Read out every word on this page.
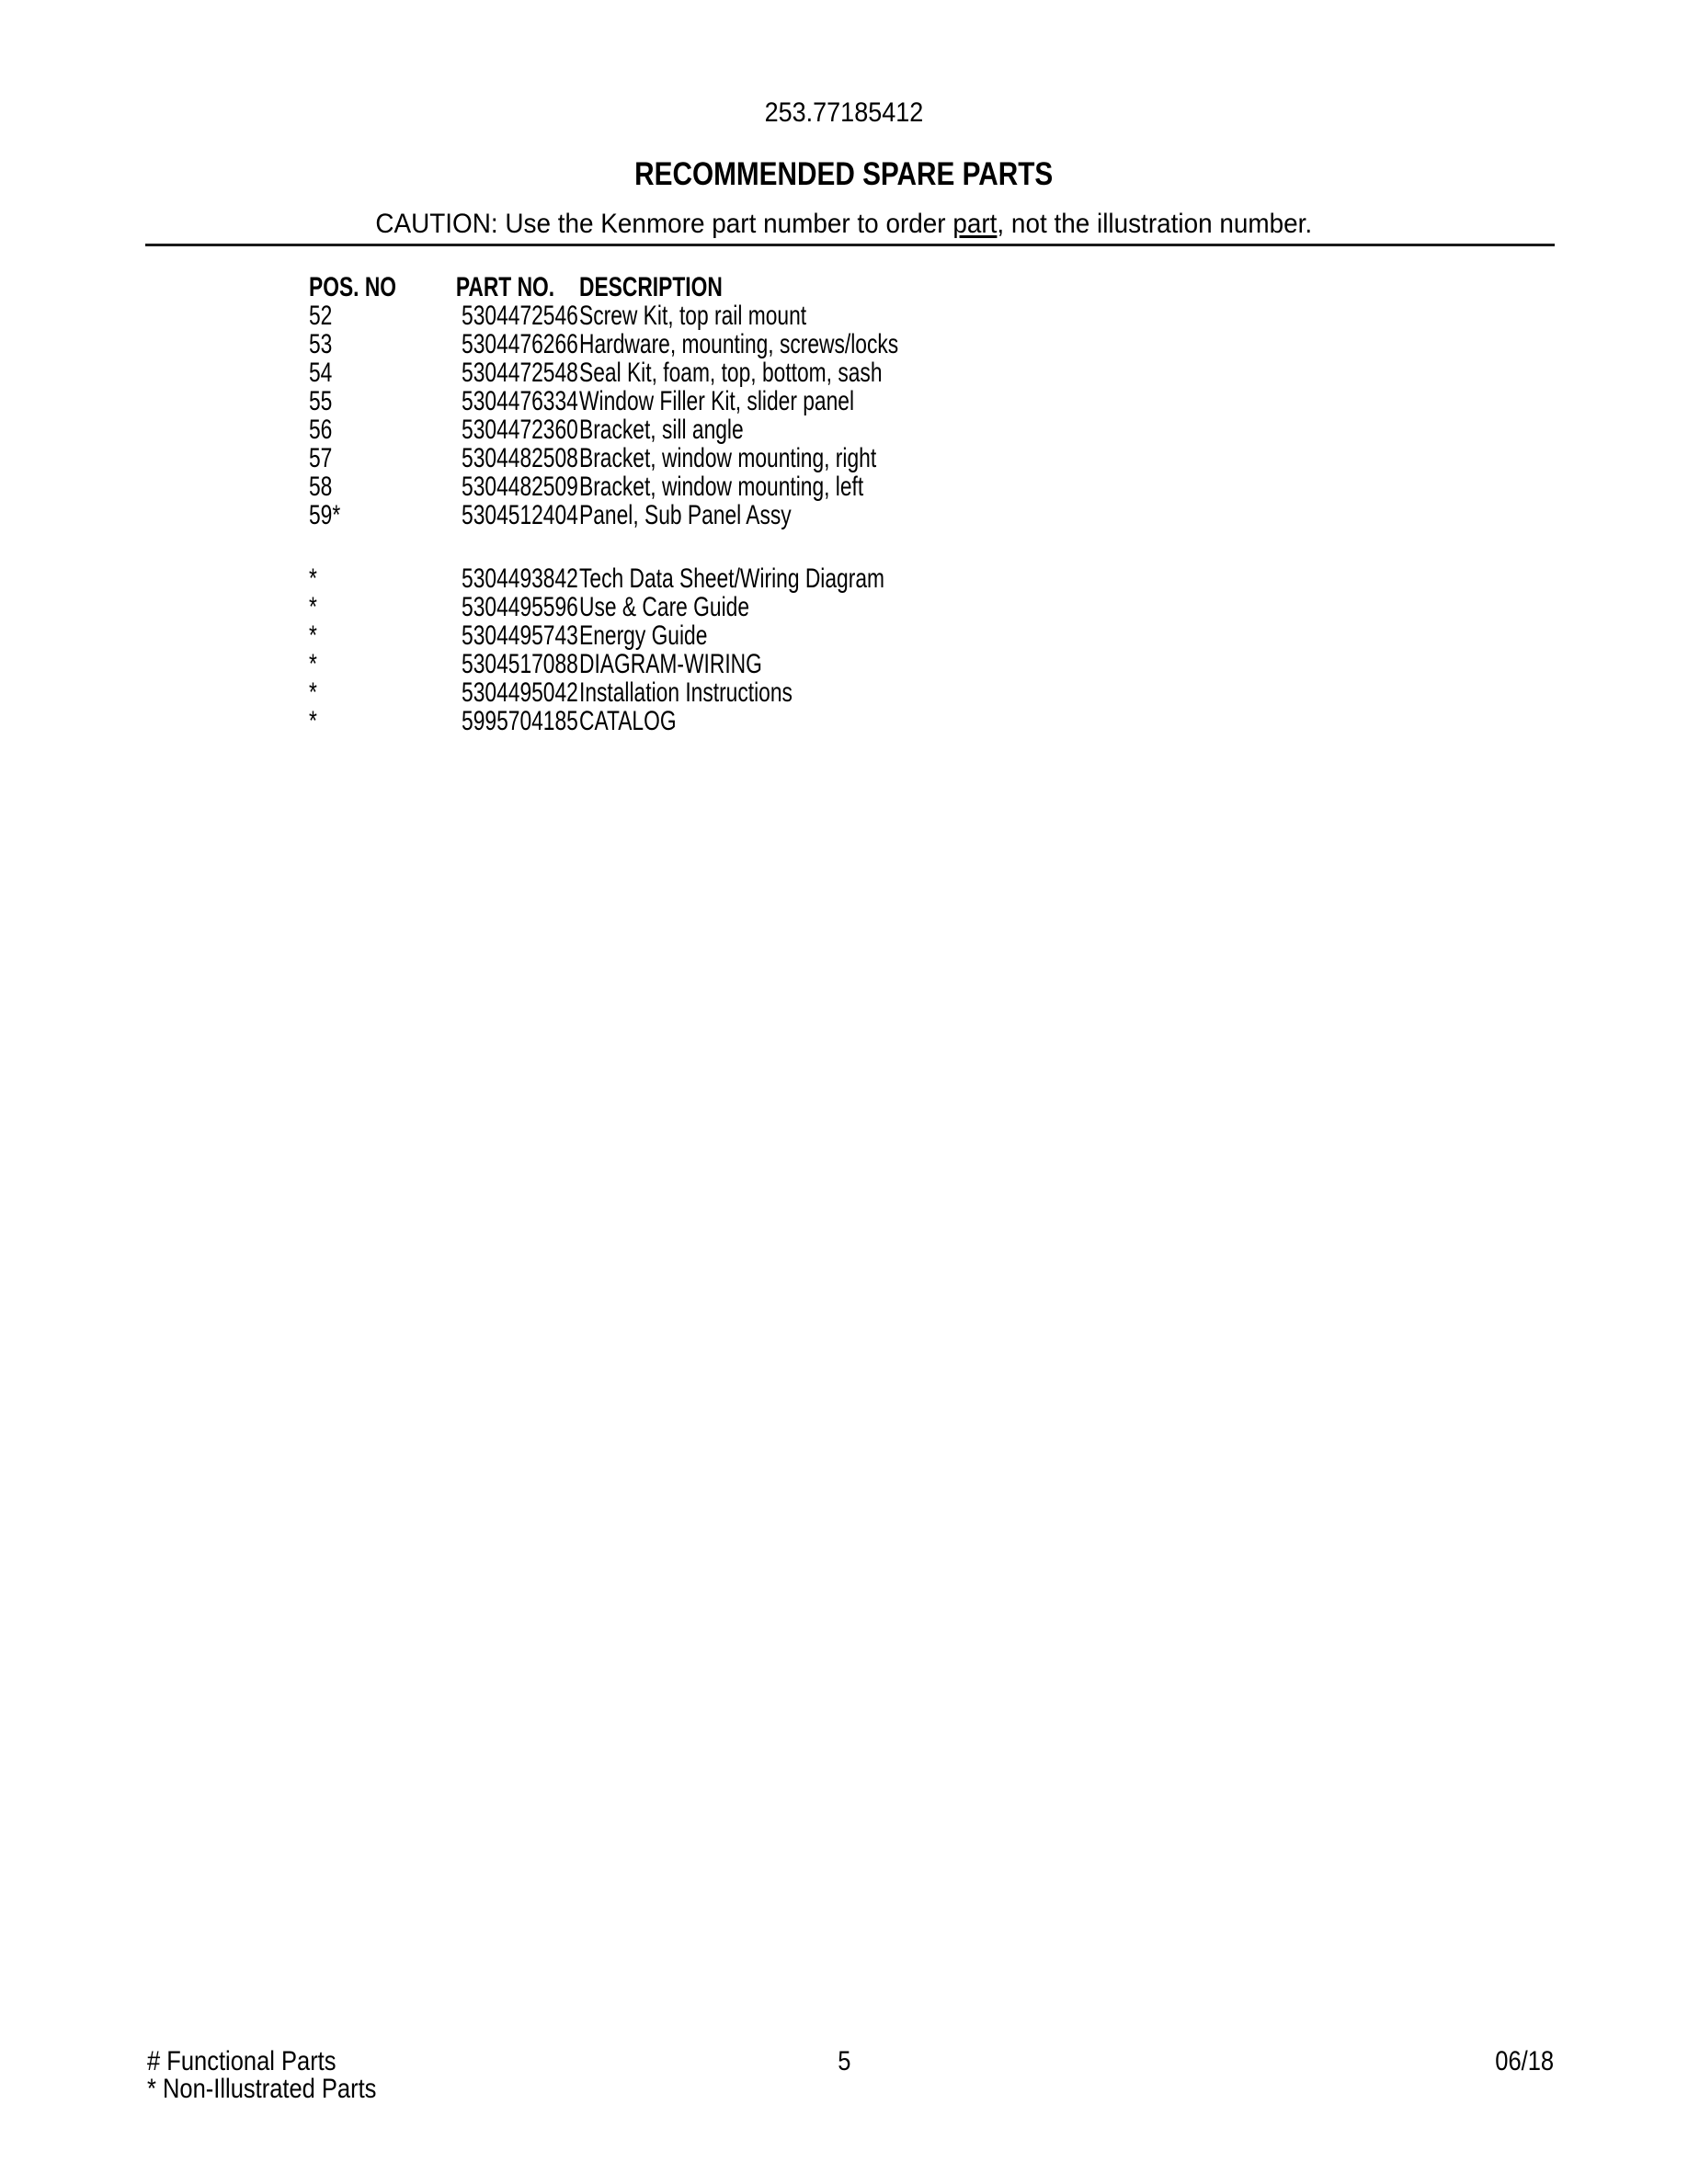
253.77185412
RECOMMENDED SPARE PARTS
CAUTION: Use the Kenmore part number to order part, not the illustration number.
POS. NO	PART NO. DESCRIPTION
52	5304472546 Screw Kit, top rail mount
53	5304476266 Hardware, mounting, screws/locks
54	5304472548 Seal Kit, foam, top, bottom, sash
55	5304476334 Window Filler Kit, slider panel
56	5304472360 Bracket, sill angle
57	5304482508 Bracket, window mounting, right
58	5304482509 Bracket, window mounting, left
59*	5304512404 Panel, Sub Panel Assy
*	5304493842 Tech Data Sheet/Wiring Diagram
*	5304495596 Use & Care Guide
*	5304495743 Energy Guide
*	5304517088 DIAGRAM-WIRING
*	5304495042 Installation Instructions
*	5995704185 CATALOG
# Functional Parts
* Non-Illustrated Parts
5	06/18
